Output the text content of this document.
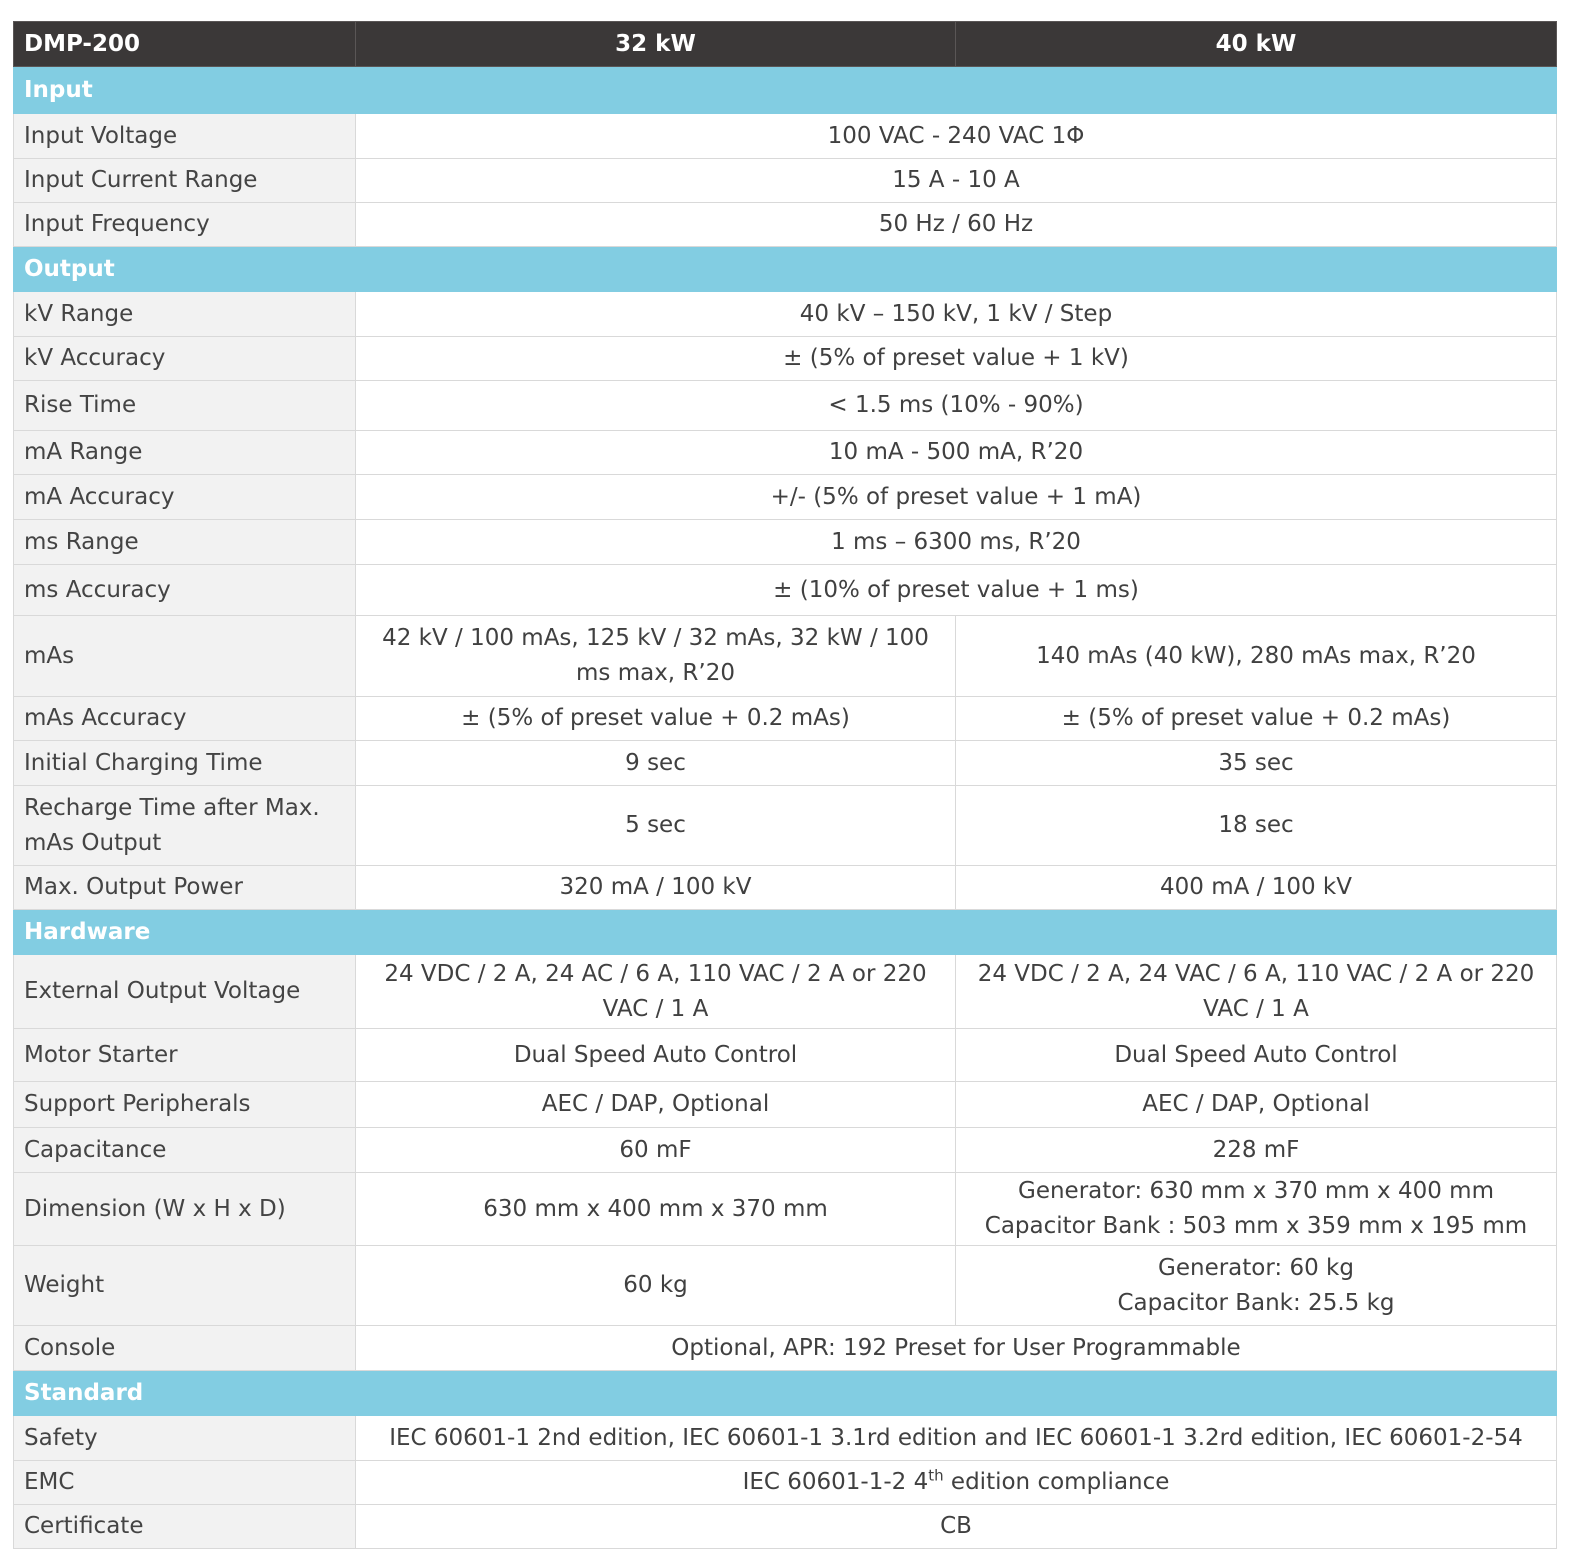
DMP-200	32 kW	40 kW
Input		
Input Voltage	100 VAC - 240 VAC 1Φ	
Input Current Range	15 A - 10 A	
Input Frequency	50 Hz / 60 Hz	
Output		
kV Range	40 kV – 150 kV, 1 kV / Step	
kV Accuracy	± (5% of preset value + 1 kV)	
Rise Time	< 1.5 ms (10% - 90%)	
mA Range	10 mA - 500 mA, R’20	
mA Accuracy	+/- (5% of preset value + 1 mA)	
ms Range	1 ms – 6300 ms, R’20	
ms Accuracy	± (10% of preset value + 1 ms)	
mAs	42 kV / 100 mAs, 125 kV / 32 mAs, 32 kW / 100 ms max, R’20	140 mAs (40 kW), 280 mAs max, R’20
mAs Accuracy	± (5% of preset value + 0.2 mAs)	± (5% of preset value + 0.2 mAs)
Initial Charging Time	9 sec	35 sec
Recharge Time after Max. mAs Output	5 sec	18 sec
Max. Output Power	320 mA / 100 kV	400 mA / 100 kV
Hardware		
External Output Voltage	24 VDC / 2 A, 24 AC / 6 A, 110 VAC / 2 A or 220 VAC / 1 A	24 VDC / 2 A, 24 VAC / 6 A, 110 VAC / 2 A or 220 VAC / 1 A
Motor Starter	Dual Speed Auto Control	Dual Speed Auto Control
Support Peripherals	AEC / DAP, Optional	AEC / DAP, Optional
Capacitance	60 mF	228 mF
Dimension (W x H x D)	630 mm x 400 mm x 370 mm	Generator: 630 mm x 370 mm x 400 mm
Capacitor Bank : 503 mm x 359 mm x 195 mm

Weight	60 kg	Generator: 60 kg
Capacitor Bank: 25.5 kg

Console	Optional, APR: 192 Preset for User Programmable	
Standard		
Safety	IEC 60601-1 2nd edition, IEC 60601-1 3.1rd edition and IEC 60601-1 3.2rd edition, IEC 60601-2-54	
EMC	IEC 60601-1-2 4th edition compliance	
Certificate	CB	
